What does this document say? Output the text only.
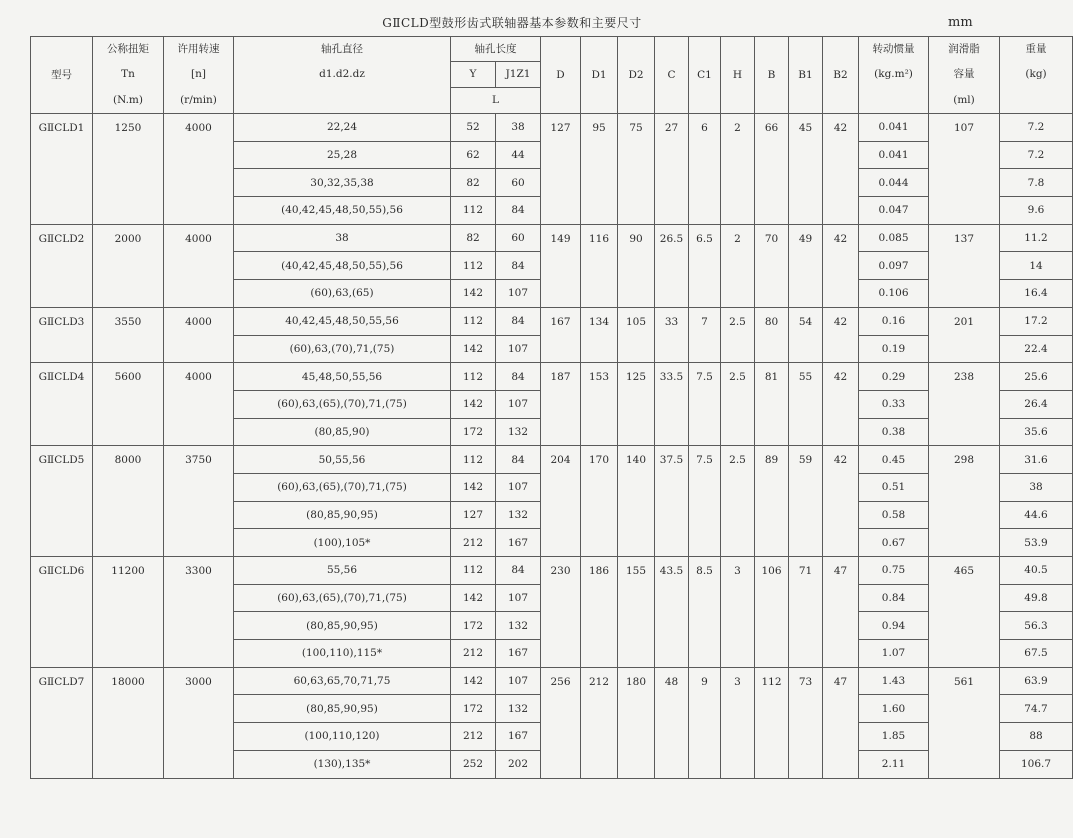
GⅡCLD型鼓形齿式联轴器基本参数和主要尺寸	mm
型号	公称扭矩	许用转速	轴孔直径	轴孔长度		D	D1	D2	C	C1	H	B	B1	B2	转动惯量	润滑脂	重量
	Tn	[n]	d1.d2.dz	Y	J1Z1										(kg.m²)	容量	(kg)
	(N.m)	(r/min)		L												(ml)	
GⅡCLD1	1250	4000	22,24	52	38	127	95	75	27	6	2	66	45	42	0.041	107	7.2
			25,28	62	44										0.041		7.2
			30,32,35,38	82	60										0.044		7.8
			(40,42,45,48,50,55),56	112	84										0.047		9.6
GⅡCLD2	2000	4000	38	82	60	149	116	90	26.5	6.5	2	70	49	42	0.085	137	11.2
			(40,42,45,48,50,55),56	112	84										0.097		14
			(60),63,(65)	142	107										0.106		16.4
GⅡCLD3	3550	4000	40,42,45,48,50,55,56	112	84	167	134	105	33	7	2.5	80	54	42	0.16	201	17.2
			(60),63,(70),71,(75)	142	107										0.19		22.4
GⅡCLD4	5600	4000	45,48,50,55,56	112	84	187	153	125	33.5	7.5	2.5	81	55	42	0.29	238	25.6
			(60),63,(65),(70),71,(75)	142	107										0.33		26.4
			(80,85,90)	172	132										0.38		35.6
GⅡCLD5	8000	3750	50,55,56	112	84	204	170	140	37.5	7.5	2.5	89	59	42	0.45	298	31.6
			(60),63,(65),(70),71,(75)	142	107										0.51		38
			(80,85,90,95)	127	132										0.58		44.6
			(100),105*	212	167										0.67		53.9
GⅡCLD6	11200	3300	55,56	112	84	230	186	155	43.5	8.5	3	106	71	47	0.75	465	40.5
			(60),63,(65),(70),71,(75)	142	107										0.84		49.8
			(80,85,90,95)	172	132										0.94		56.3
			(100,110),115*	212	167										1.07		67.5
GⅡCLD7	18000	3000	60,63,65,70,71,75	142	107	256	212	180	48	9	3	112	73	47	1.43	561	63.9
			(80,85,90,95)	172	132										1.60		74.7
			(100,110,120)	212	167										1.85		88
			(130),135*	252	202										2.11		106.7
